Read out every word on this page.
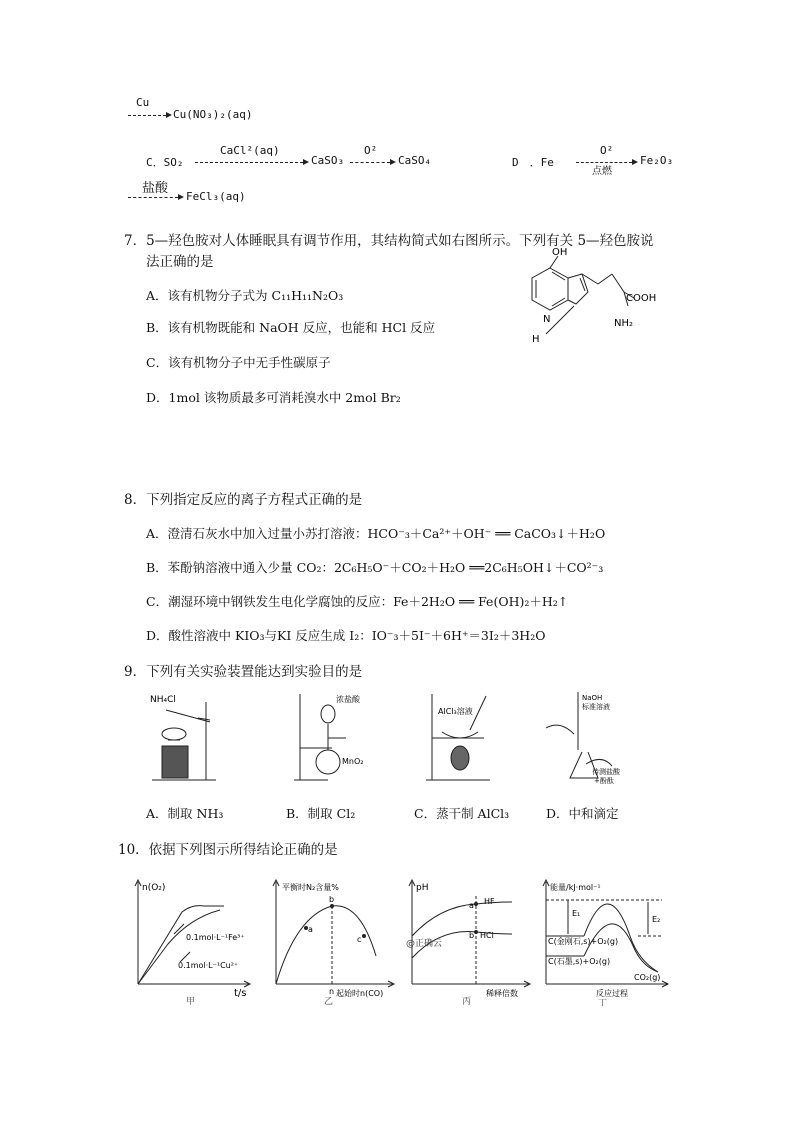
Cu
Cu(NO₃)₂(aq)
C．SO₂
CaCl²(aq)
CaSO₃
O²
CaSO₄	D　．Fe
O²
点燃
Fe₂O₃
盐酸
FeCl₃(aq)
7．5—羟色胺对人体睡眠具有调节作用，其结构简式如右图所示。下列有关 5—羟色胺说
法正确的是
A．该有机物分子式为 C₁₁H₁₁N₂O₃
B．该有机物既能和 NaOH 反应，也能和 HCl 反应
C．该有机物分子中无手性碳原子
D．1mol 该物质最多可消耗溴水中 2mol Br₂
OH
COOH
NH₂
N
H
8．下列指定反应的离子方程式正确的是
A．澄清石灰水中加入过量小苏打溶液：HCO⁻₃＋Ca²⁺＋OH⁻ ══ CaCO₃↓＋H₂O
B．苯酚钠溶液中通入少量 CO₂：2C₆H₅O⁻＋CO₂＋H₂O ══2C₆H₅OH↓＋CO²⁻₃
C．潮湿环境中钢铁发生电化学腐蚀的反应：Fe＋2H₂O ══ Fe(OH)₂＋H₂↑
D．酸性溶液中 KIO₃与KI 反应生成 I₂：IO⁻₃＋5I⁻＋6H⁺＝3I₂＋3H₂O
9．下列有关实验装置能达到实验目的是
NH₄Cl
A．制取 NH₃
浓盐酸
MnO₂
B．制取 Cl₂
AlCl₃溶液
C．蒸干制 AlCl₃
NaOH
标准溶液
待测盐酸
+酚酞
D．中和滴定
10．依据下列图示所得结论正确的是
n(O₂)
t/s
0.1mol·L⁻¹Fe³⁺
0.1mol·L⁻¹Cu²⁺
甲
平衡时N₂含量%
起始时n(CO)
a
b
c
n
乙
pH
稀释倍数
HF
HCl
a
b
@正确云
丙
能量/kJ·mol⁻¹
反应过程
E₁
E₂
C(金刚石,s)+O₂(g)
C(石墨,s)+O₂(g)
CO₂(g)
丁
